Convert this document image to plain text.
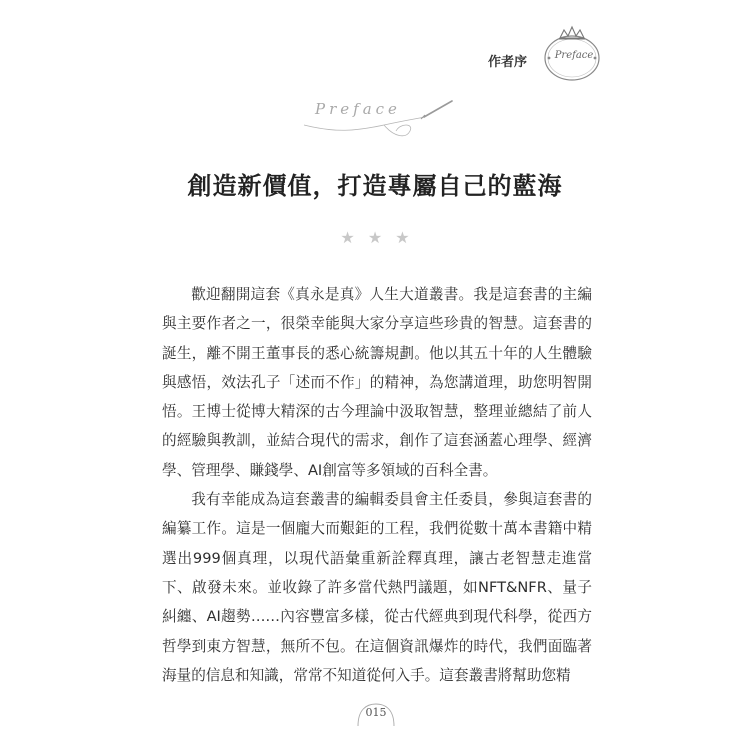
作者序	Preface
Preface
創造新價值，打造專屬自己的藍海
★ ★ ★

歡迎翻開這套《真永是真》人生大道叢書。我是這套書的主編與主要作者之一，很榮幸能與大家分享這些珍貴的智慧。這套書的誕生，離不開王董事長的悉心統籌規劃。他以其五十年的人生體驗與感悟，效法孔子「述而不作」的精神，為您講道理，助您明智開悟。王博士從博大精深的古今理論中汲取智慧，整理並總結了前人的經驗與教訓，並結合現代的需求，創作了這套涵蓋心理學、經濟學、管理學、賺錢學、AI創富等多領域的百科全書。

我有幸能成為這套叢書的編輯委員會主任委員，參與這套書的編纂工作。這是一個龐大而艱鉅的工程，我們從數十萬本書籍中精選出999個真理，以現代語彙重新詮釋真理，讓古老智慧走進當下、啟發未來。並收錄了許多當代熱門議題，如NFT&NFR、量子糾纏、AI趨勢……內容豐富多樣，從古代經典到現代科學，從西方哲學到東方智慧，無所不包。在這個資訊爆炸的時代，我們面臨著海量的信息和知識，常常不知道從何入手。這套叢書將幫助您精

015
